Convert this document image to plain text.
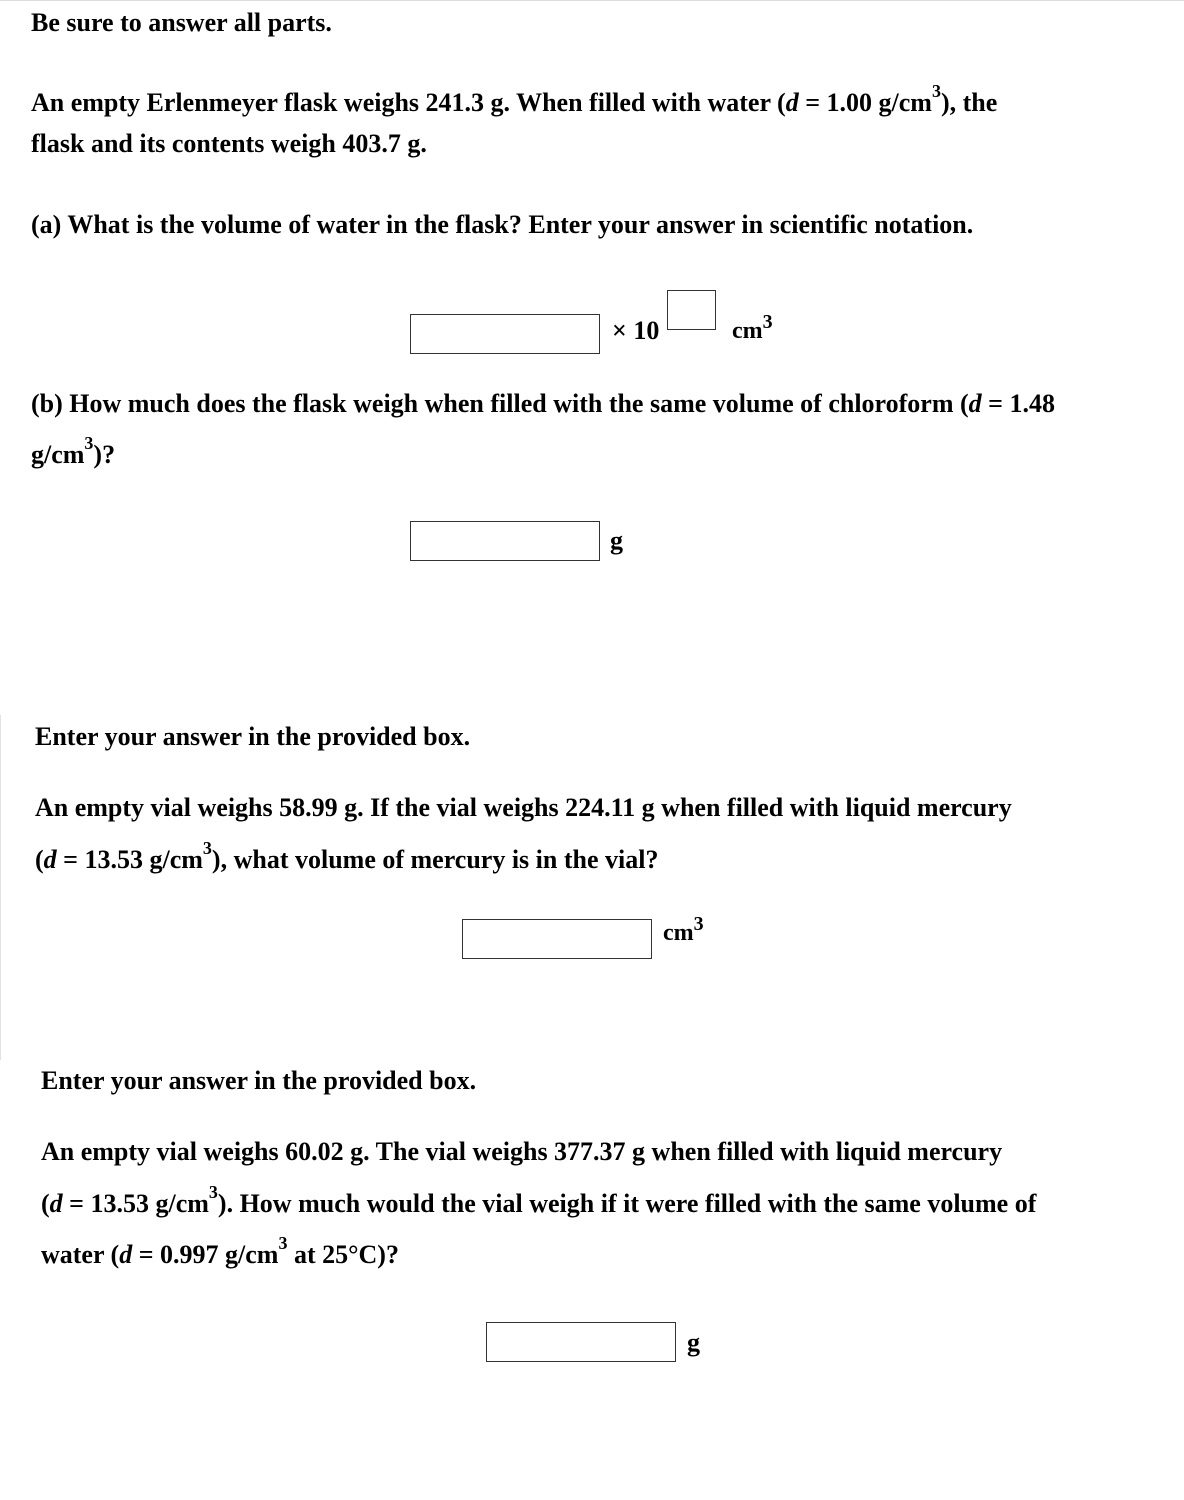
Be sure to answer all parts.
An empty Erlenmeyer flask weighs 241.3 g. When filled with water (d = 1.00 $g/cm^3$), the
flask and its contents weigh 403.7 g.
(a) What is the volume of water in the flask? Enter your answer in scientific notation.
× 10	$cm^3$
(b) How much does the flask weigh when filled with the same volume of chloroform (d = 1.48
$g/cm^3$)?
g
Enter your answer in the provided box.
An empty vial weighs 58.99 g. If the vial weighs 224.11 g when filled with liquid mercury
(d = 13.53 $g/cm^3$), what volume of mercury is in the vial?
$cm^3$
Enter your answer in the provided box.
An empty vial weighs 60.02 g. The vial weighs 377.37 g when filled with liquid mercury
(d = 13.53 $g/cm^3$). How much would the vial weigh if it were filled with the same volume of
water (d = 0.997 $g/cm^3$ at 25°C)?
g
